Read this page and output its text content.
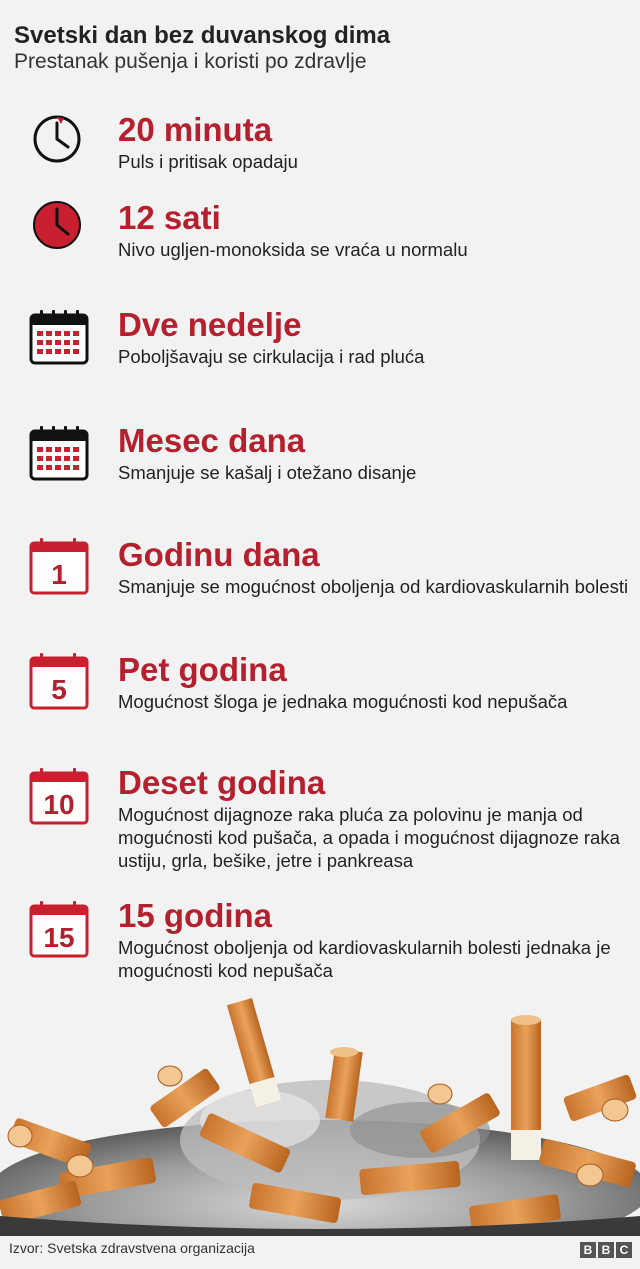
Svetski dan bez duvanskog dima
Prestanak pušenja i koristi po zdravlje
20 minuta
Puls i pritisak opadaju
12 sati
Nivo ugljen-monoksida se vraća u normalu
Dve nedelje
Poboljšavaju se cirkulacija i rad pluća
Mesec dana
Smanjuje se kašalj i otežano disanje
1
Godinu dana
Smanjuje se mogućnost oboljenja od kardiovaskularnih bolesti
5
Pet godina
Mogućnost šloga je jednaka mogućnosti kod nepušača
10
Deset godina
Mogućnost dijagnoze raka pluća za polovinu je manja od mogućnosti kod pušača, a opada i mogućnost dijagnoze raka ustiju, grla, bešike, jetre i pankreasa
15
15 godina
Mogućnost oboljenja od kardiovaskularnih bolesti jednaka je mogućnosti kod nepušača
Izvor: Svetska zdravstvena organizacija	B B C
